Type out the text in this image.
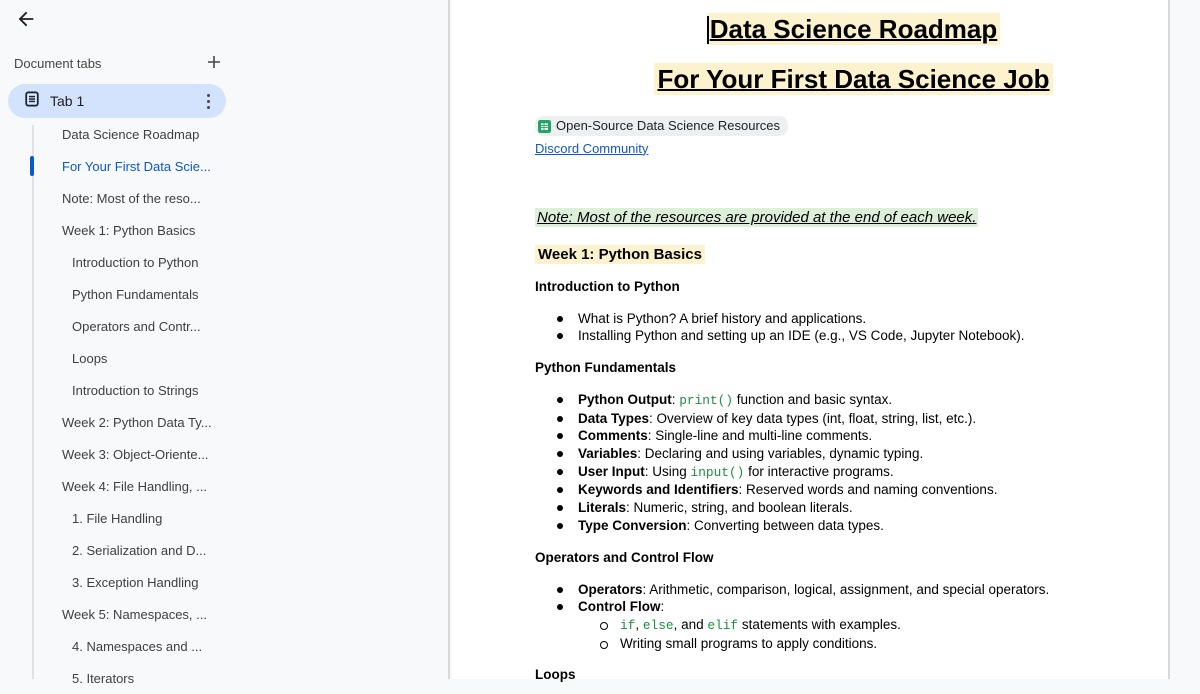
Document tabs
Tab 1
Data Science Roadmap
For Your First Data Scie...
Note: Most of the reso...
Week 1: Python Basics
Introduction to Python
Python Fundamentals
Operators and Contr...
Loops
Introduction to Strings
Week 2: Python Data Ty...
Week 3: Object-Oriente...
Week 4: File Handling, ...
1. File Handling
2. Serialization and D...
3. Exception Handling
Week 5: Namespaces, ...
4. Namespaces and ...
5. Iterators
Data Science Roadmap
For Your First Data Science Job

Open-Source Data Science Resources

Discord Community

Note: Most of the resources are provided at the end of each week.

Week 1: Python Basics
Introduction to Python
What is Python? A brief history and applications.
Installing Python and setting up an IDE (e.g., VS Code, Jupyter Notebook).
Python Fundamentals
Python Output: print() function and basic syntax.
Data Types: Overview of key data types (int, float, string, list, etc.).
Comments: Single-line and multi-line comments.
Variables: Declaring and using variables, dynamic typing.
User Input: Using input() for interactive programs.
Keywords and Identifiers: Reserved words and naming conventions.
Literals: Numeric, string, and boolean literals.
Type Conversion: Converting between data types.
Operators and Control Flow
Operators: Arithmetic, comparison, logical, assignment, and special operators.
Control Flow:
if, else, and elif statements with examples.
Writing small programs to apply conditions.
Loops
